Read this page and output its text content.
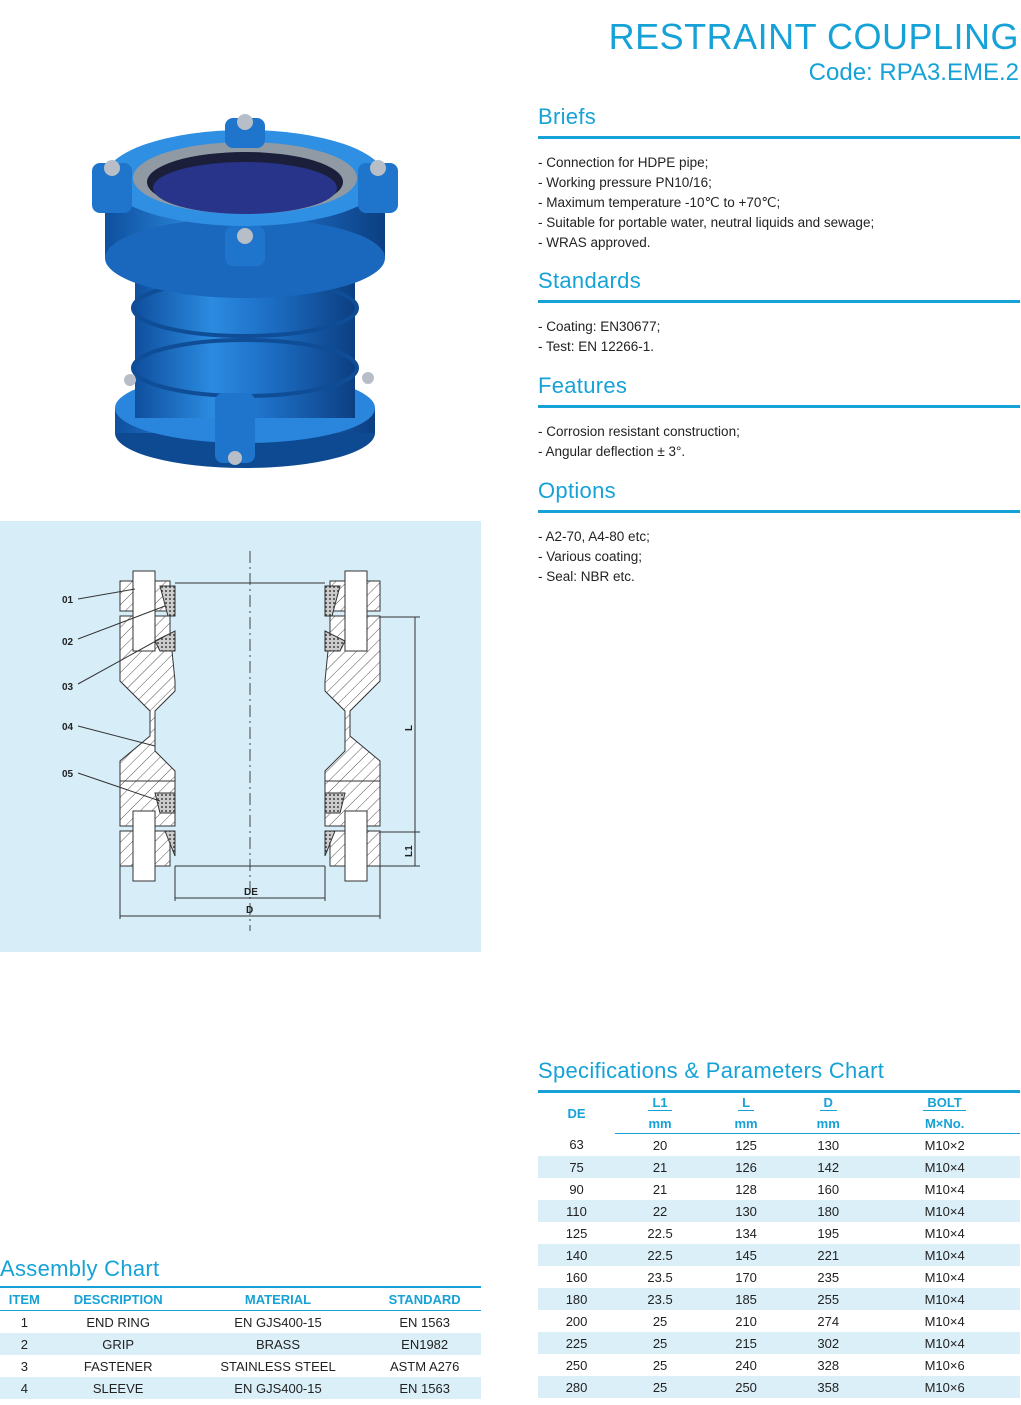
RESTRAINT COUPLING
Code: RPA3.EME.2
01
02
03
04
05
L
L1
DE
D
Briefs
- Connection for HDPE pipe;
- Working pressure PN10/16;
- Maximum temperature -10℃ to +70℃;
- Suitable for portable water, neutral liquids and sewage;
- WRAS approved.
Standards
- Coating: EN30677;
- Test: EN 12266-1.
Features
- Corrosion resistant construction;
- Angular deflection ± 3°.
Options
- A2-70, A4-80 etc;
- Various coating;
- Seal: NBR etc.
Specifications & Parameters Chart
DE	L1	L	D	BOLT
	mm	mm	mm	M×No.
63	20	125	130	M10×2
75	21	126	142	M10×4
90	21	128	160	M10×4
110	22	130	180	M10×4
125	22.5	134	195	M10×4
140	22.5	145	221	M10×4
160	23.5	170	235	M10×4
180	23.5	185	255	M10×4
200	25	210	274	M10×4
225	25	215	302	M10×4
250	25	240	328	M10×6
280	25	250	358	M10×6
Assembly Chart
ITEM	DESCRIPTION	MATERIAL	STANDARD
1	END RING	EN GJS400-15	EN 1563
2	GRIP	BRASS	EN1982
3	FASTENER	STAINLESS STEEL	ASTM A276
4	SLEEVE	EN GJS400-15	EN 1563
